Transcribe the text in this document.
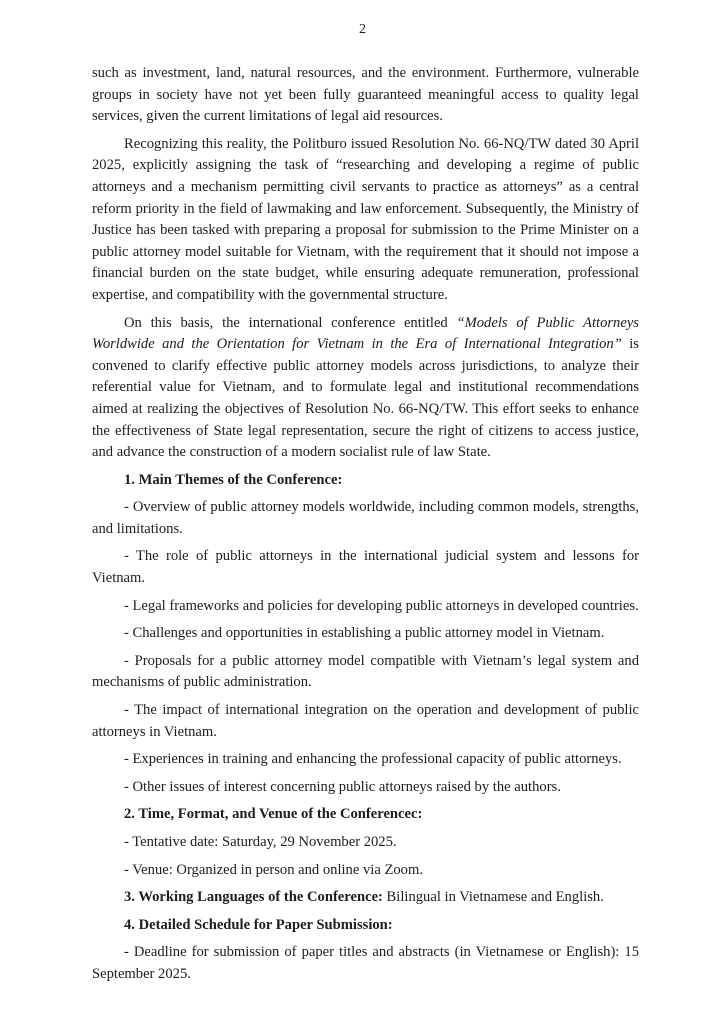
2

such as investment, land, natural resources, and the environment. Furthermore, vulnerable groups in society have not yet been fully guaranteed meaningful access to quality legal services, given the current limitations of legal aid resources.

Recognizing this reality, the Politburo issued Resolution No. 66-NQ/TW dated 30 April 2025, explicitly assigning the task of “researching and developing a regime of public attorneys and a mechanism permitting civil servants to practice as attorneys” as a central reform priority in the field of lawmaking and law enforcement. Subsequently, the Ministry of Justice has been tasked with preparing a proposal for submission to the Prime Minister on a public attorney model suitable for Vietnam, with the requirement that it should not impose a financial burden on the state budget, while ensuring adequate remuneration, professional expertise, and compatibility with the governmental structure.

On this basis, the international conference entitled “Models of Public Attorneys Worldwide and the Orientation for Vietnam in the Era of International Integration” is convened to clarify effective public attorney models across jurisdictions, to analyze their referential value for Vietnam, and to formulate legal and institutional recommendations aimed at realizing the objectives of Resolution No. 66-NQ/TW. This effort seeks to enhance the effectiveness of State legal representation, secure the right of citizens to access justice, and advance the construction of a modern socialist rule of law State.

1. Main Themes of the Conference:

- Overview of public attorney models worldwide, including common models, strengths, and limitations.

- The role of public attorneys in the international judicial system and lessons for Vietnam.

- Legal frameworks and policies for developing public attorneys in developed countries.

- Challenges and opportunities in establishing a public attorney model in Vietnam.

- Proposals for a public attorney model compatible with Vietnam’s legal system and mechanisms of public administration.

- The impact of international integration on the operation and development of public attorneys in Vietnam.

- Experiences in training and enhancing the professional capacity of public attorneys.

- Other issues of interest concerning public attorneys raised by the authors.

2. Time, Format, and Venue of the Conferencec:

- Tentative date: Saturday, 29 November 2025.

- Venue: Organized in person and online via Zoom.

3. Working Languages of the Conference: Bilingual in Vietnamese and English.

4. Detailed Schedule for Paper Submission:

- Deadline for submission of paper titles and abstracts (in Vietnamese or English): 15 September 2025.
